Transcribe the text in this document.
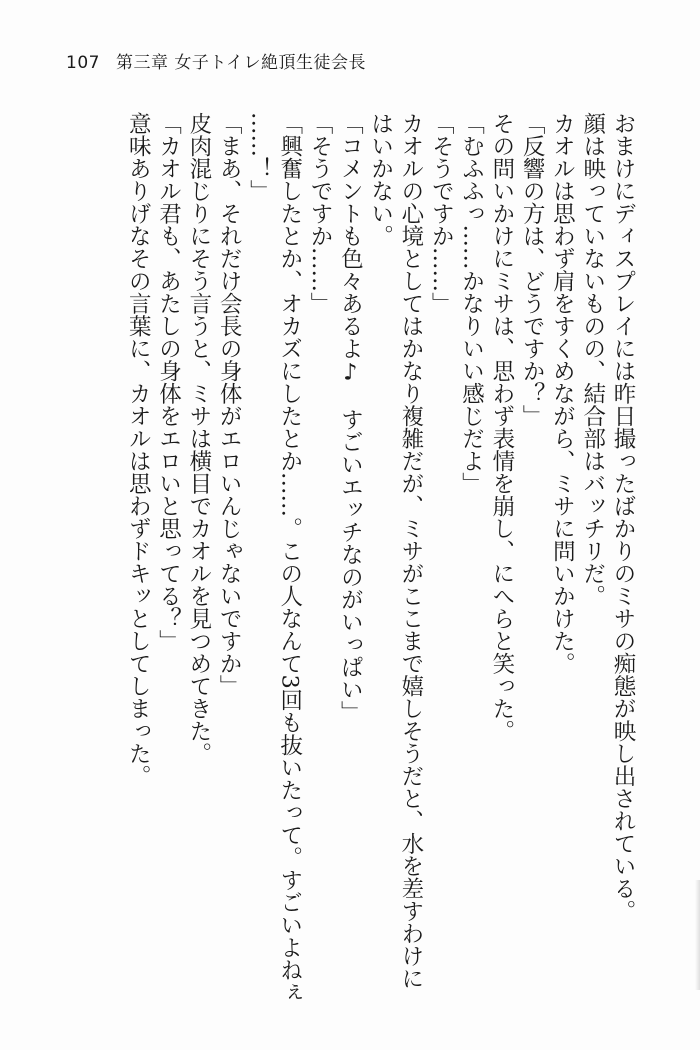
107 第三章 女子トイレ絶頂生徒会長
おまけにディスプレイには昨日撮ったばかりのミサの痴態が映し出されている。
顔は映っていないものの、結合部はバッチリだ。
カオルは思わず肩をすくめながら、ミサに問いかけた。
「反響の方は、どうですか？」
その問いかけにミサは、思わず表情を崩し、にへらと笑った。
「むふふっ……かなりいい感じだよ」
「そうですか……」
カオルの心境としてはかなり複雑だが、ミサがここまで嬉しそうだと、水を差すわけに
はいかない。
「コメントも色々あるよ♪　すごいエッチなのがいっぱい」
「そうですか……」
「興奮したとか、オカズにしたとか……。この人なんて3回も抜いたって。すごいよねぇ
……！」
「まあ、それだけ会長の身体がエロいんじゃないですか」
皮肉混じりにそう言うと、ミサは横目でカオルを見つめてきた。
「カオル君も、あたしの身体をエロいと思ってる？」
意味ありげなその言葉に、カオルは思わずドキッとしてしまった。
